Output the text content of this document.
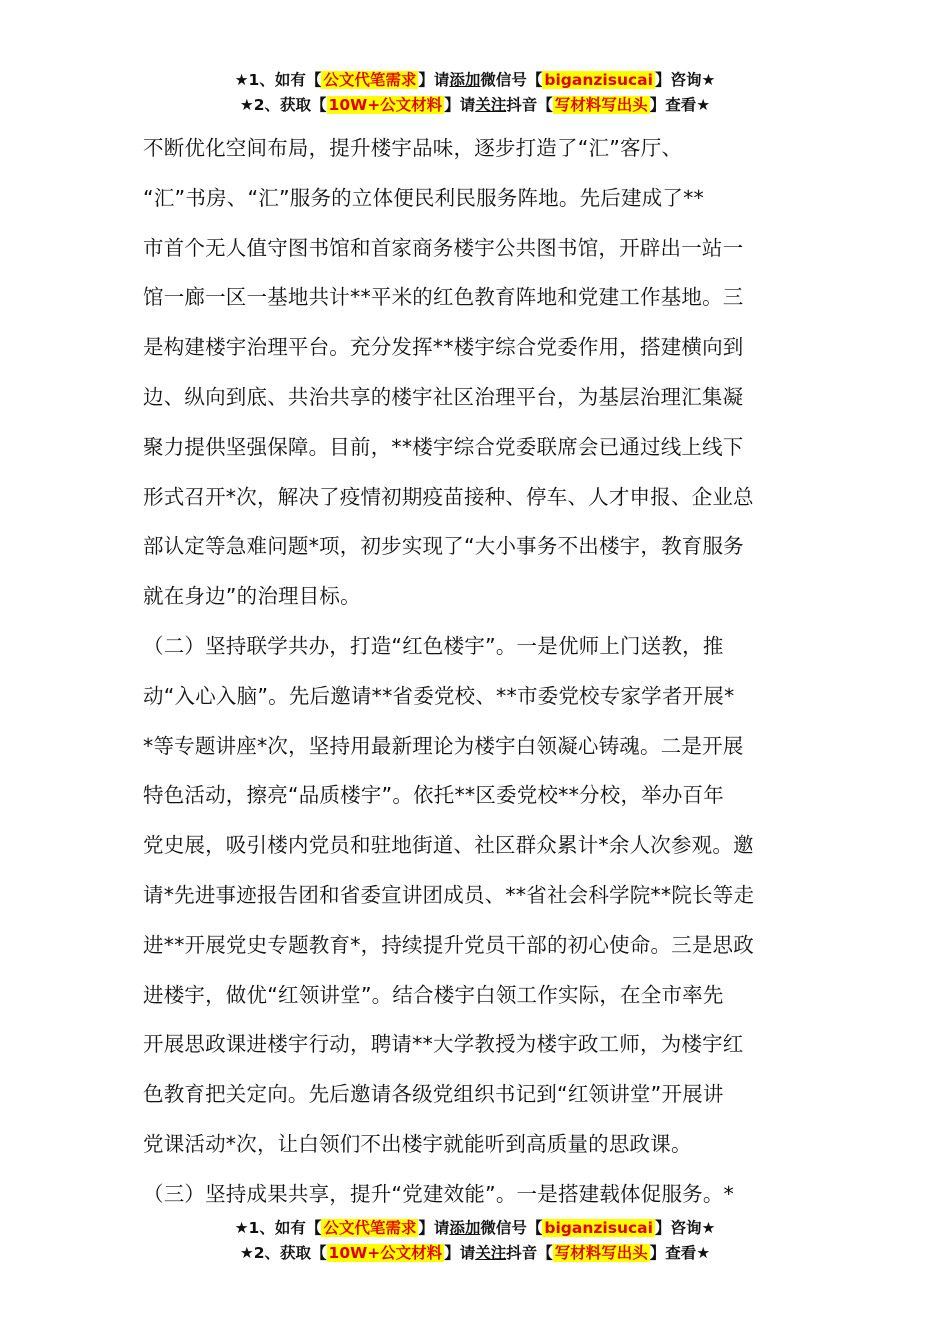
★1、如有【 公文代笔需求 】请添加微信号【 biganzisucai 】咨询★
★2、获取【 10W+公文材料 】请关注抖音【 写材料写出头 】查看★
不断优化空间布局，提升楼宇品味，逐步打造了“汇”客厅、
“汇”书房、“汇”服务的立体便民利民服务阵地。先后建成了**
市首个无人值守图书馆和首家商务楼宇公共图书馆，开辟出一站一
馆一廊一区一基地共计**平米的红色教育阵地和党建工作基地。三
是构建楼宇治理平台。充分发挥**楼宇综合党委作用，搭建横向到
边、纵向到底、共治共享的楼宇社区治理平台，为基层治理汇集凝
聚力提供坚强保障。目前，**楼宇综合党委联席会已通过线上线下
形式召开*次，解决了疫情初期疫苗接种、停车、人才申报、企业总
部认定等急难问题*项，初步实现了“大小事务不出楼宇，教育服务
就在身边”的治理目标。
（二）坚持联学共办，打造“红色楼宇”。一是优师上门送教，推
动“入心入脑”。先后邀请**省委党校、**市委党校专家学者开展*
*等专题讲座*次，坚持用最新理论为楼宇白领凝心铸魂。二是开展
特色活动，擦亮“品质楼宇”。依托**区委党校**分校，举办百年
党史展，吸引楼内党员和驻地街道、社区群众累计*余人次参观。邀
请*先进事迹报告团和省委宣讲团成员、**省社会科学院**院长等走
进**开展党史专题教育*，持续提升党员干部的初心使命。三是思政
进楼宇，做优“红领讲堂”。结合楼宇白领工作实际，在全市率先
开展思政课进楼宇行动，聘请**大学教授为楼宇政工师，为楼宇红
色教育把关定向。先后邀请各级党组织书记到“红领讲堂”开展讲
党课活动*次，让白领们不出楼宇就能听到高质量的思政课。
（三）坚持成果共享，提升“党建效能”。一是搭建载体促服务。*
★1、如有【 公文代笔需求 】请添加微信号【 biganzisucai 】咨询★
★2、获取【 10W+公文材料 】请关注抖音【 写材料写出头 】查看★
